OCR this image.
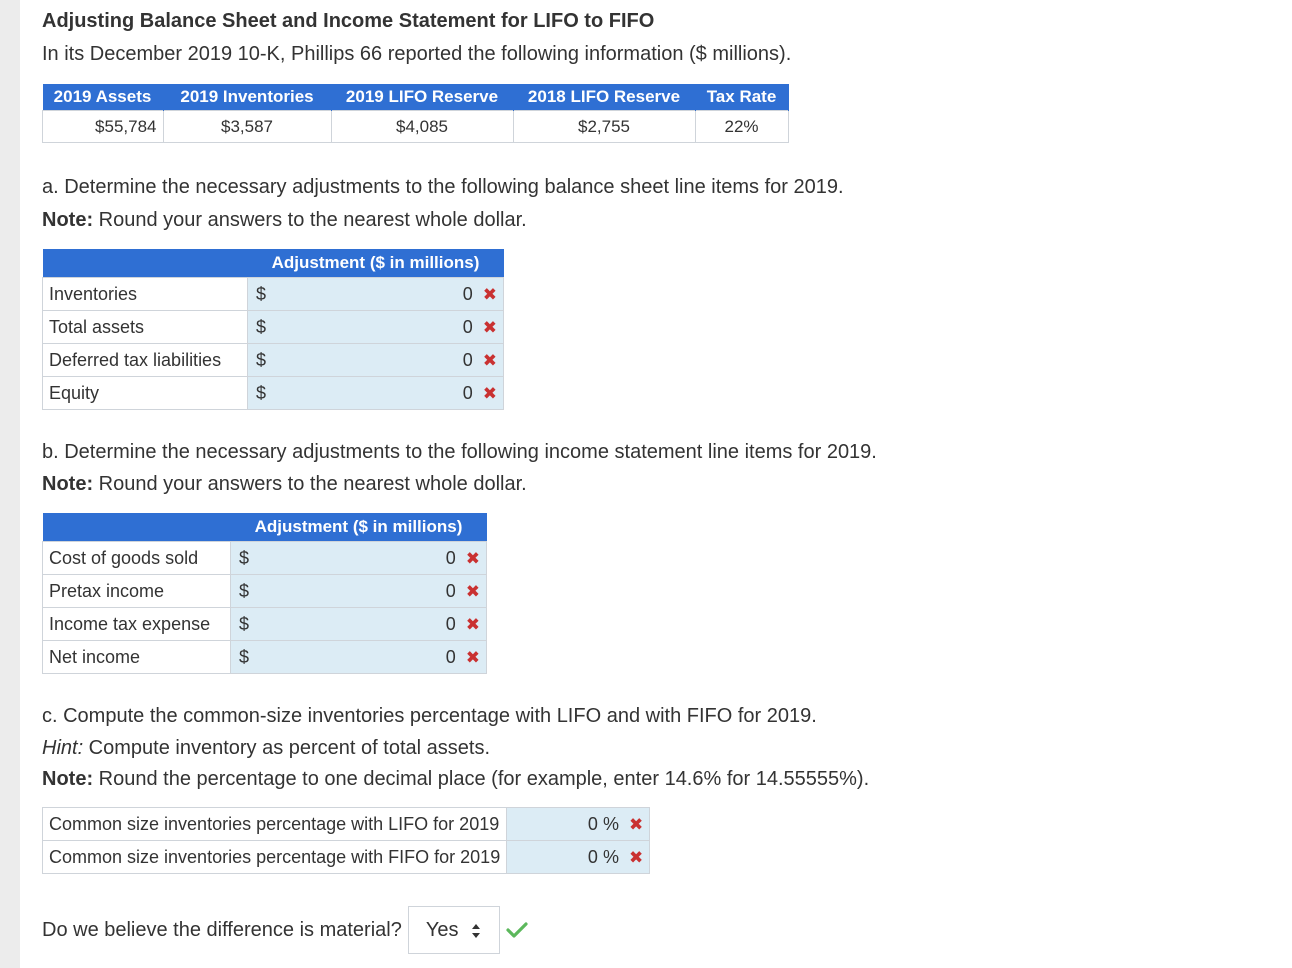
Adjusting Balance Sheet and Income Statement for LIFO to FIFO
In its December 2019 10-K, Phillips 66 reported the following information ($ millions).
2019 Assets	2019 Inventories	2019 LIFO Reserve	2018 LIFO Reserve	Tax Rate
$55,784	$3,587	$4,085	$2,755	22%
a. Determine the necessary adjustments to the following balance sheet line items for 2019.
Note: Round your answers to the nearest whole dollar.
	Adjustment ($ in millions)	
Inventories	$	0 ✖
Total assets	$	0 ✖
Deferred tax liabilities	$	0 ✖
Equity	$	0 ✖
b. Determine the necessary adjustments to the following income statement line items for 2019.
Note: Round your answers to the nearest whole dollar.
	Adjustment ($ in millions)	
Cost of goods sold	$	0 ✖
Pretax income	$	0 ✖
Income tax expense	$	0 ✖
Net income	$	0 ✖
c. Compute the common-size inventories percentage with LIFO and with FIFO for 2019.
Hint: Compute inventory as percent of total assets.
Note: Round the percentage to one decimal place (for example, enter 14.6% for 14.55555%).
Common size inventories percentage with LIFO for 2019	0 % ✖
Common size inventories percentage with FIFO for 2019	0 % ✖
Do we believe the difference is material? Yes
